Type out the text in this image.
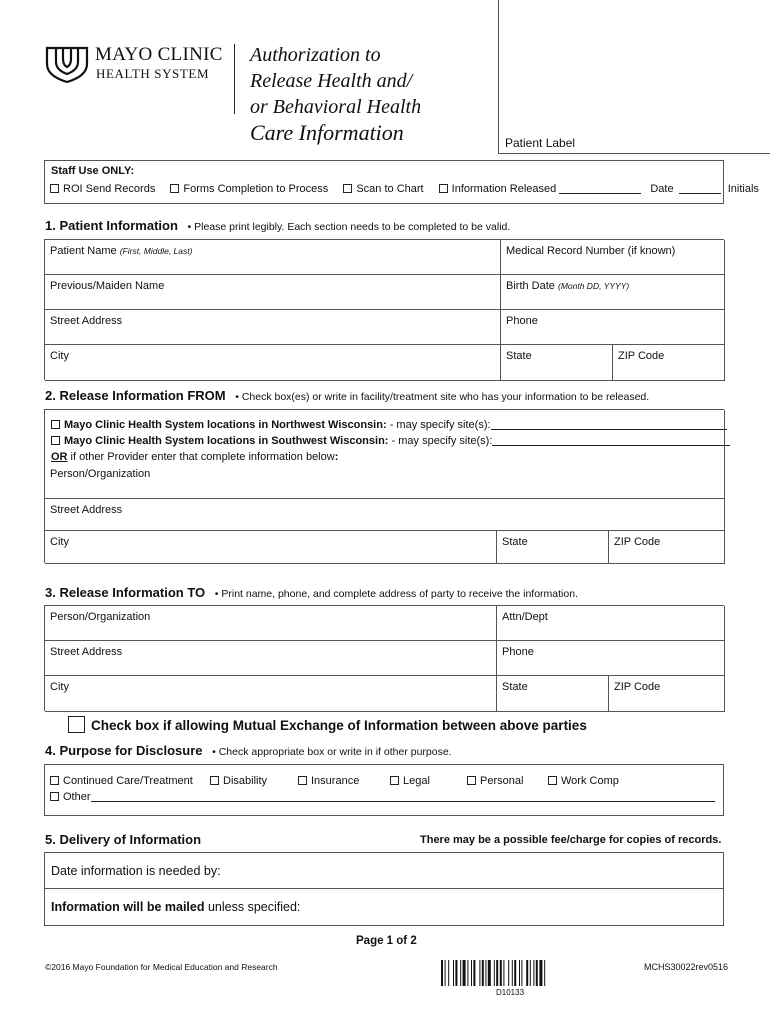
MAYO CLINIC
HEALTH SYSTEM
Authorization to
Release Health and/
or Behavioral Health
Care Information	Patient Label
Staff Use ONLY:
ROI Send Records	Forms Completion to Process	Scan to Chart	Information Released	Date	Initials
1. Patient Information • Please print legibly. Each section needs to be completed to be valid.
Patient Name (First, Middle, Last)	Medical Record Number (if known)
Previous/Maiden Name	Birth Date (Month DD, YYYY)
Street Address	Phone
City	State	ZIP Code
2. Release Information FROM • Check box(es) or write in facility/treatment site who has your information to be released.
Mayo Clinic Health System locations in Northwest Wisconsin: - may specify site(s):
Mayo Clinic Health System locations in Southwest Wisconsin: - may specify site(s):
OR if other Provider enter that complete information below:
Person/Organization
Street Address
City	State	ZIP Code
3. Release Information TO • Print name, phone, and complete address of party to receive the information.
Person/Organization	Attn/Dept
Street Address	Phone
City	State	ZIP Code
Check box if allowing Mutual Exchange of Information between above parties
4. Purpose for Disclosure • Check appropriate box or write in if other purpose.
Continued Care/Treatment	Disability	Insurance	Legal	Personal	Work Comp
Other
5. Delivery of Information	There may be a possible fee/charge for copies of records.
Date information is needed by:
Information will be mailed unless specified:
Page 1 of 2
©2016 Mayo Foundation for Medical Education and Research	MCHS30022rev0516
D10133
